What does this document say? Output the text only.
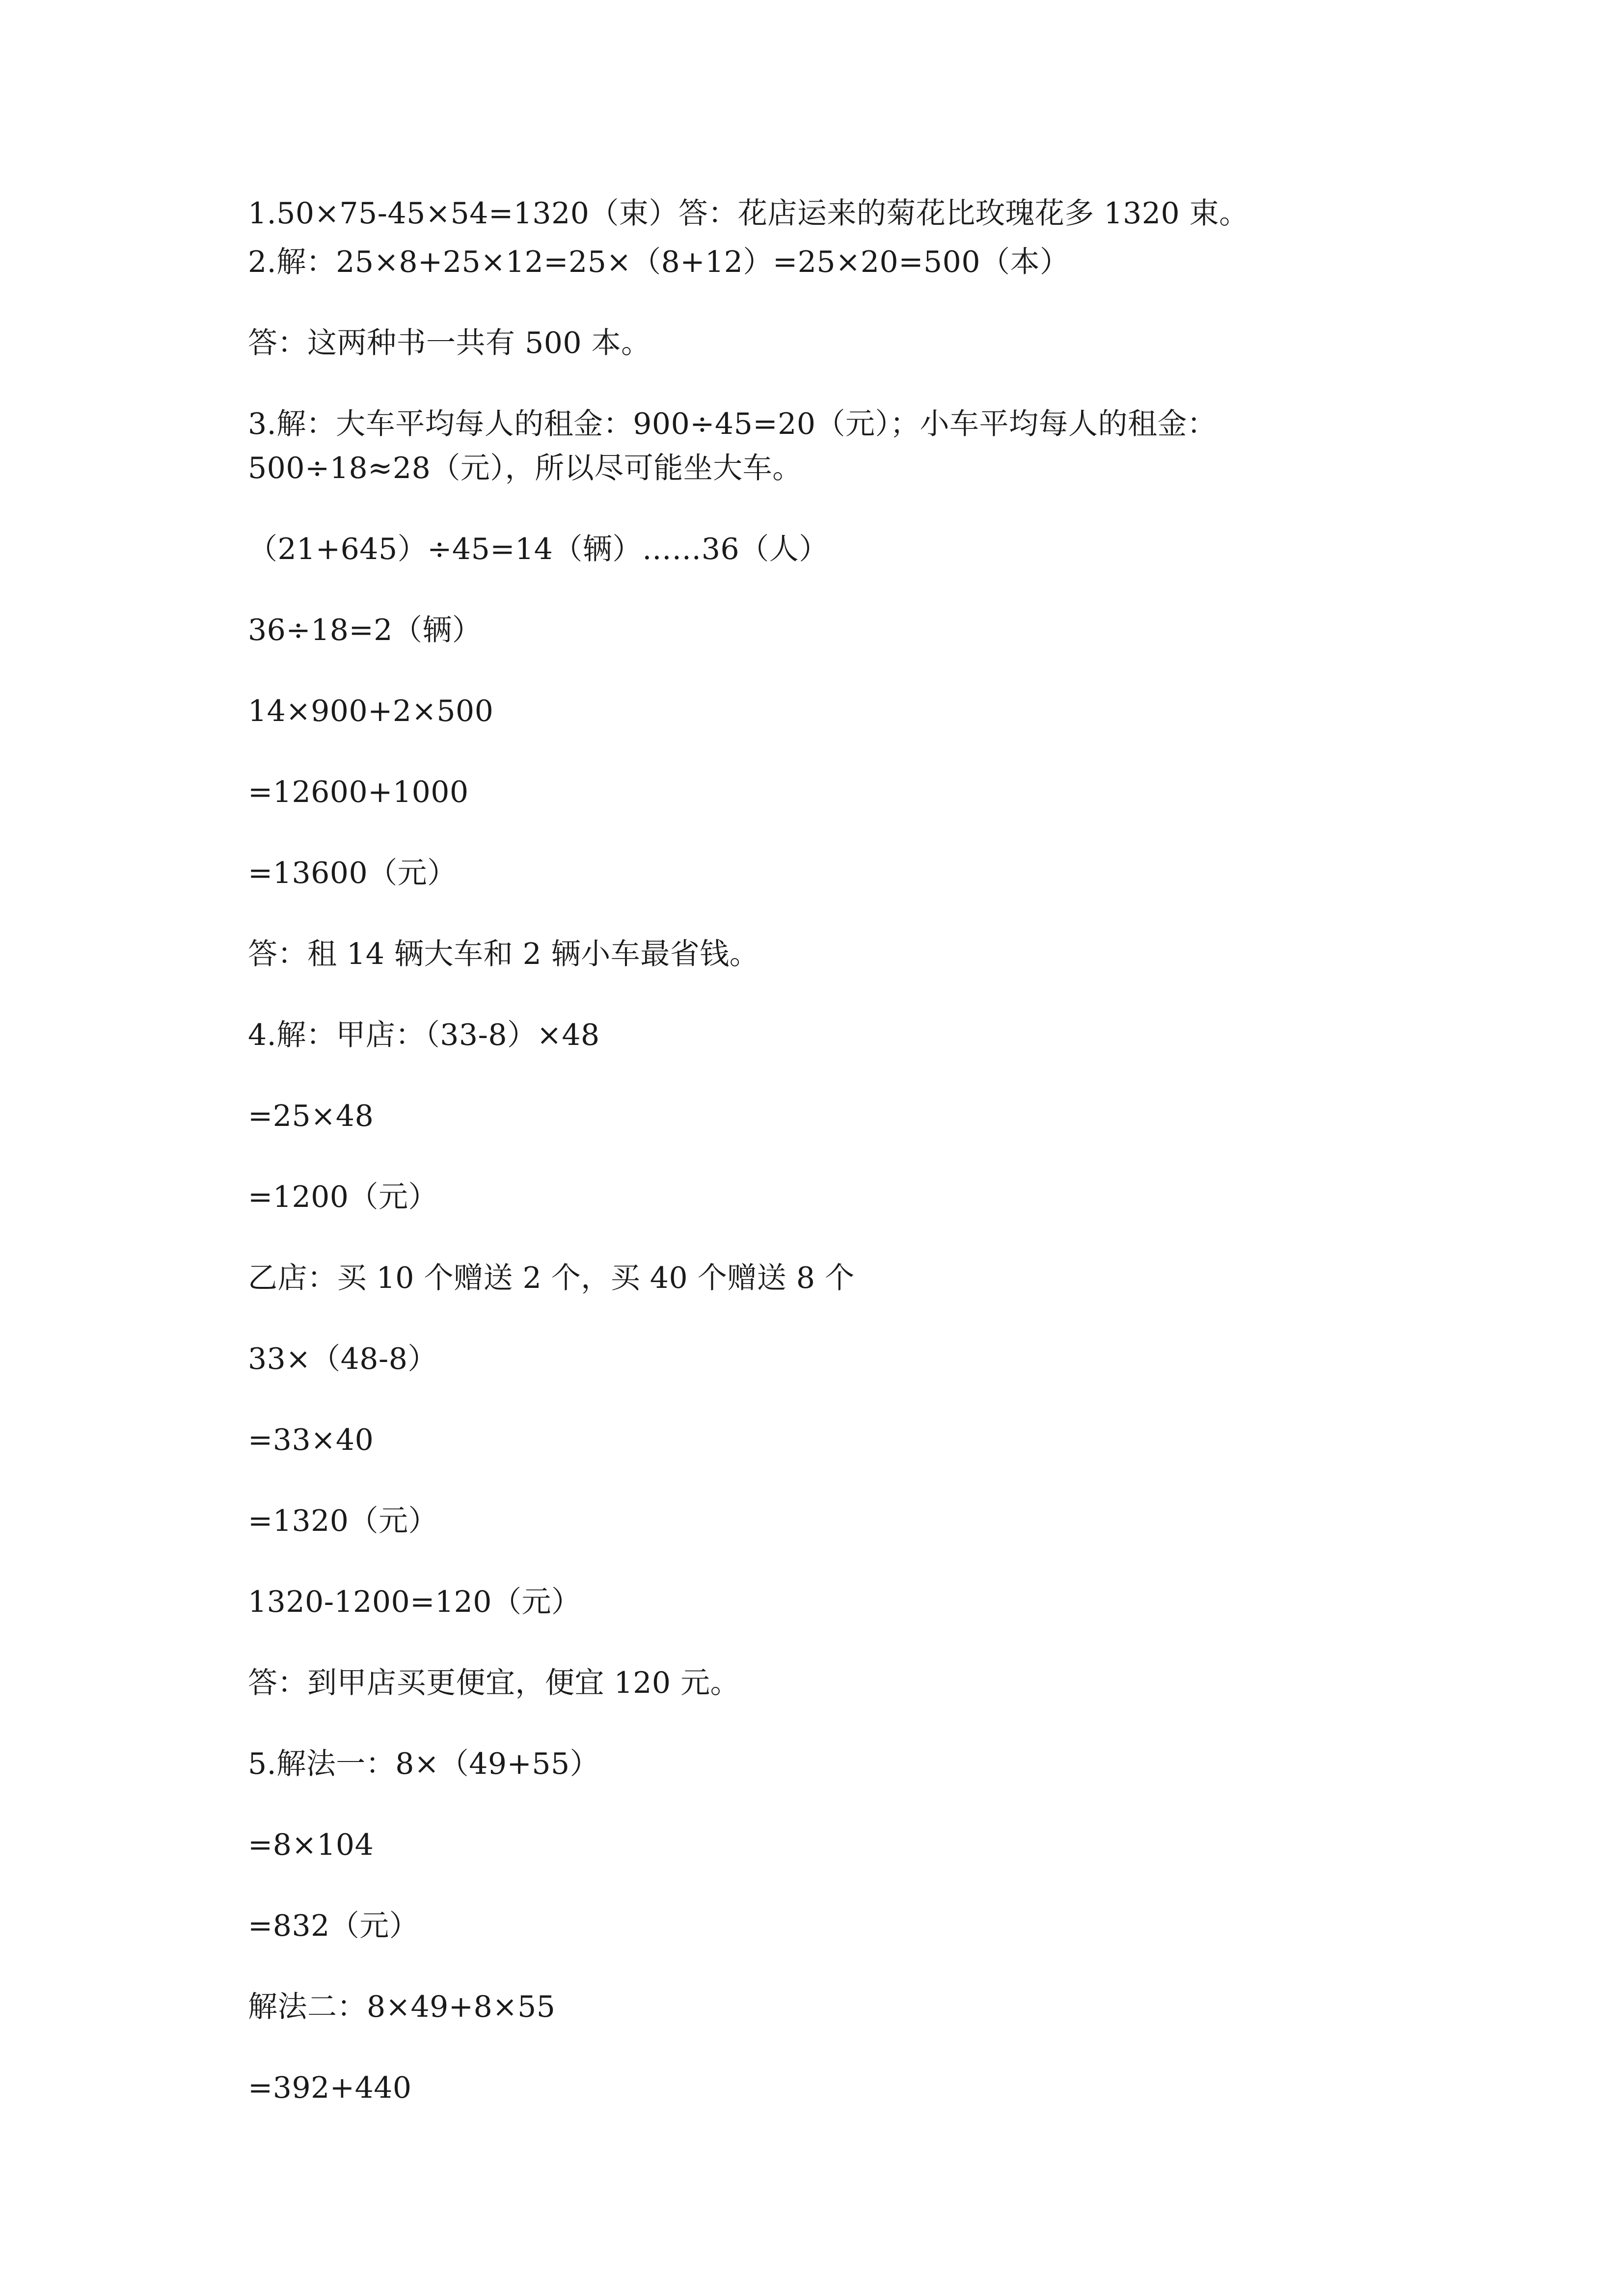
1.50×75-45×54=1320（束）答：花店运来的菊花比玫瑰花多 1320 束。

2.解：25×8+25×12=25×（8+12）=25×20=500（本）

答：这两种书一共有 500 本。

3.解：大车平均每人的租金：900÷45=20（元）；小车平均每人的租金：

500÷18≈28（元），所以尽可能坐大车。

（21+645）÷45=14（辆）……36（人）

36÷18=2（辆）

14×900+2×500

=12600+1000

=13600（元）

答：租 14 辆大车和 2 辆小车最省钱。

4.解：甲店：（33-8）×48

=25×48

=1200（元）

乙店：买 10 个赠送 2 个，买 40 个赠送 8 个

33×（48-8）

=33×40

=1320（元）

1320-1200=120（元）

答：到甲店买更便宜，便宜 120 元。

5.解法一：8×（49+55）

=8×104

=832（元）

解法二：8×49+8×55

=392+440
